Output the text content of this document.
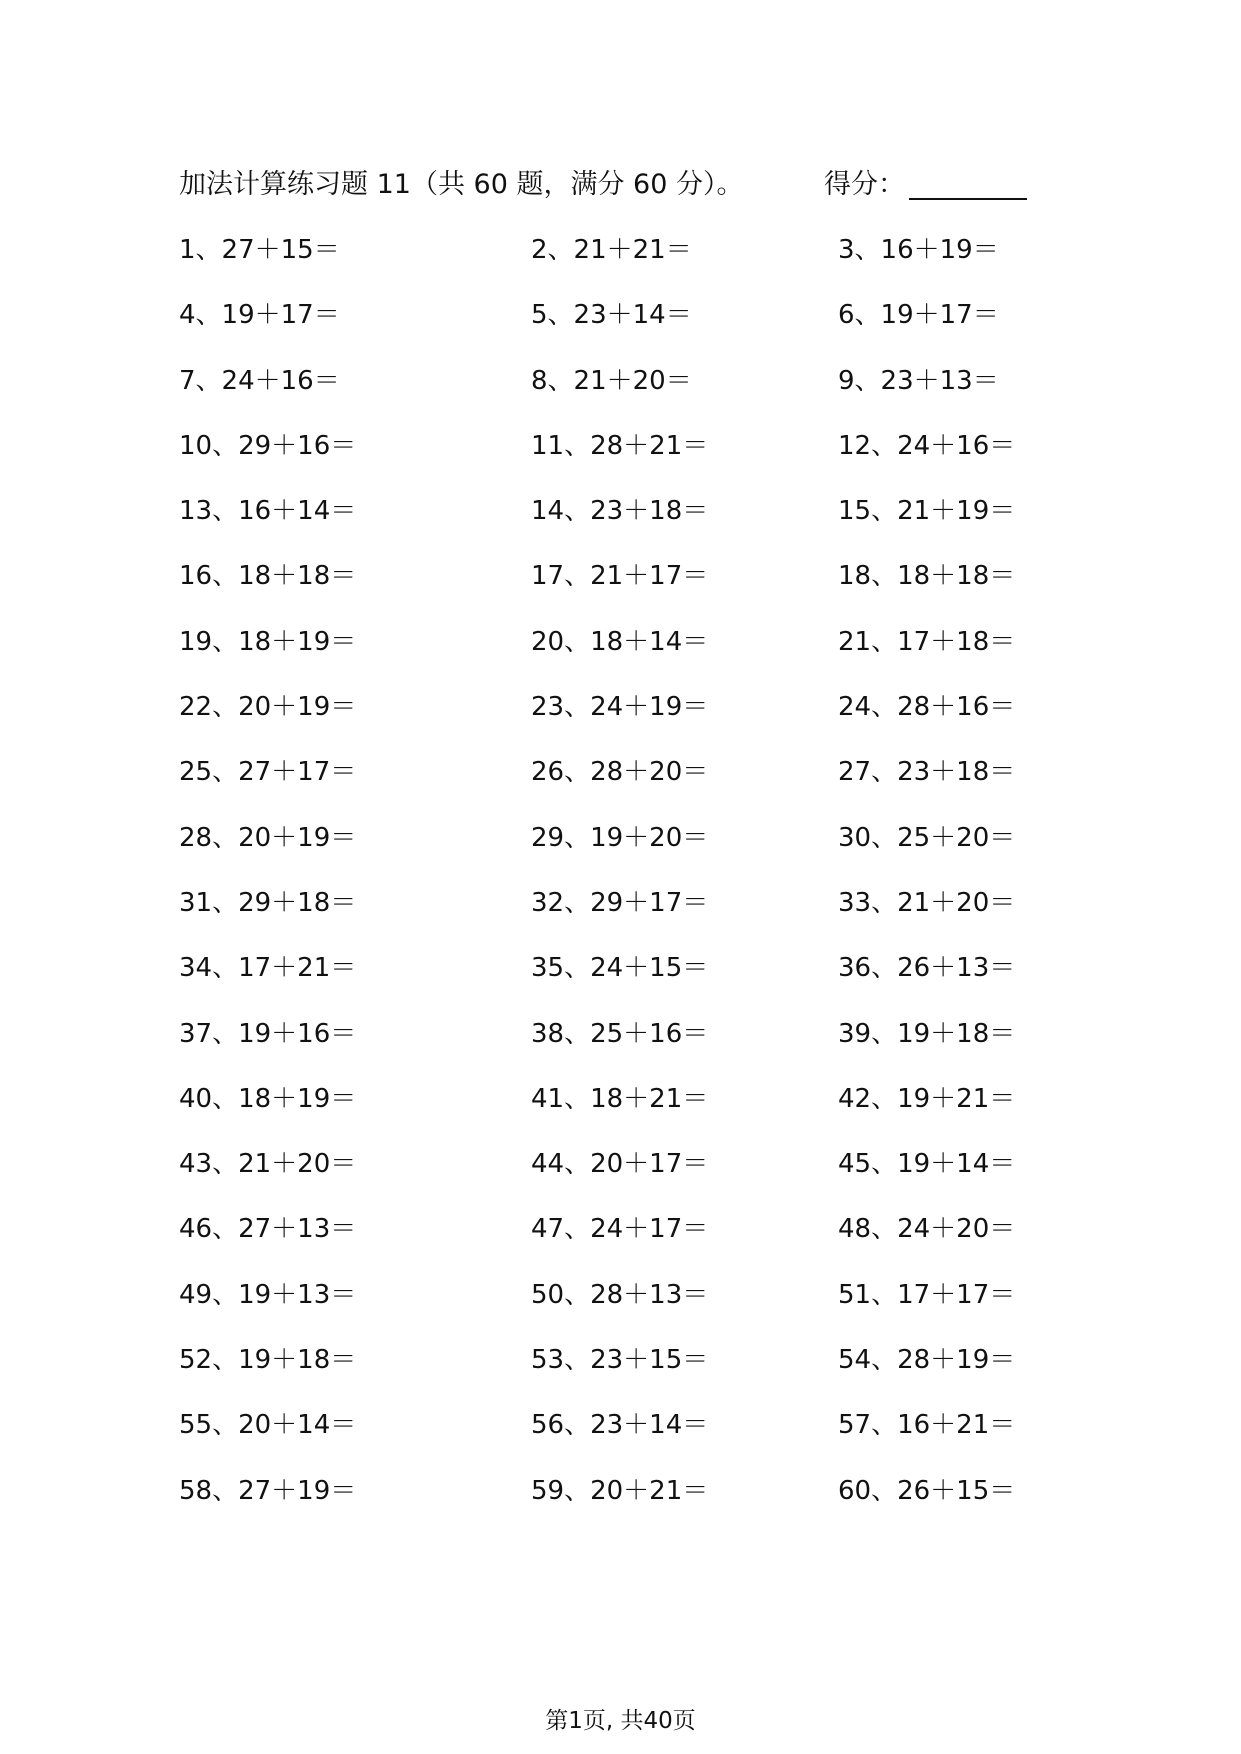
加法计算练习题 11（共 60 题，满分 60 分）。	得分：
1、27＋15＝	2、21＋21＝	3、16＋19＝
4、19＋17＝	5、23＋14＝	6、19＋17＝
7、24＋16＝	8、21＋20＝	9、23＋13＝
10、29＋16＝	11、28＋21＝	12、24＋16＝
13、16＋14＝	14、23＋18＝	15、21＋19＝
16、18＋18＝	17、21＋17＝	18、18＋18＝
19、18＋19＝	20、18＋14＝	21、17＋18＝
22、20＋19＝	23、24＋19＝	24、28＋16＝
25、27＋17＝	26、28＋20＝	27、23＋18＝
28、20＋19＝	29、19＋20＝	30、25＋20＝
31、29＋18＝	32、29＋17＝	33、21＋20＝
34、17＋21＝	35、24＋15＝	36、26＋13＝
37、19＋16＝	38、25＋16＝	39、19＋18＝
40、18＋19＝	41、18＋21＝	42、19＋21＝
43、21＋20＝	44、20＋17＝	45、19＋14＝
46、27＋13＝	47、24＋17＝	48、24＋20＝
49、19＋13＝	50、28＋13＝	51、17＋17＝
52、19＋18＝	53、23＋15＝	54、28＋19＝
55、20＋14＝	56、23＋14＝	57、16＋21＝
58、27＋19＝	59、20＋21＝	60、26＋15＝
第1页, 共40页
